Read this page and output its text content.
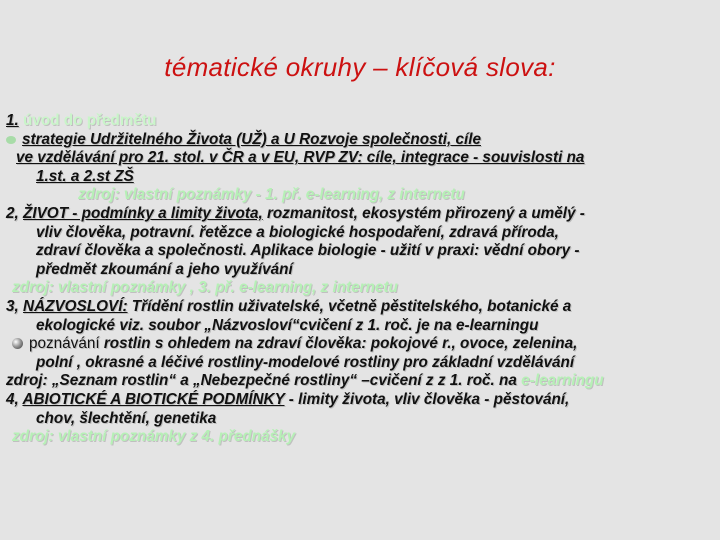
tématické okruhy – klíčová slova:
1. úvod do předmětu
strategie Udržitelného Života (UŽ) a U Rozvoje společnosti, cíle
ve vzdělávání pro 21. stol. v ČR a v EU, RVP ZV: cíle, integrace - souvislosti na
1.st. a 2.st ZŠ
zdroj: vlastní poznámky - 1. př. e-learning, z internetu
2, ŽIVOT - podmínky a limity života, rozmanitost, ekosystém přirozený a umělý -
vliv člověka, potravní. řetězce a biologické hospodaření, zdravá příroda,
zdraví člověka a společnosti. Aplikace biologie - užití v praxi: vědní obory -
předmět zkoumání a jeho využívání
zdroj: vlastní poznámky , 3. př. e-learning, z internetu
3, NÁZVOSLOVÍ: Třídění rostlin uživatelské, včetně pěstitelského, botanické a
ekologické viz. soubor „Názvosloví“cvičení z 1. roč. je na e-learningu
poznávání rostlin s ohledem na zdraví člověka: pokojové r., ovoce, zelenina,
polní , okrasné a léčivé rostliny-modelové rostliny pro základní vzdělávání
zdroj: „Seznam rostlin“ a „Nebezpečné rostliny“ –cvičení z z 1. roč. na e-learningu
4, ABIOTICKÉ A BIOTICKÉ PODMÍNKY - limity života, vliv člověka - pěstování,
chov, šlechtění, genetika
zdroj: vlastní poznámky z 4. přednášky
